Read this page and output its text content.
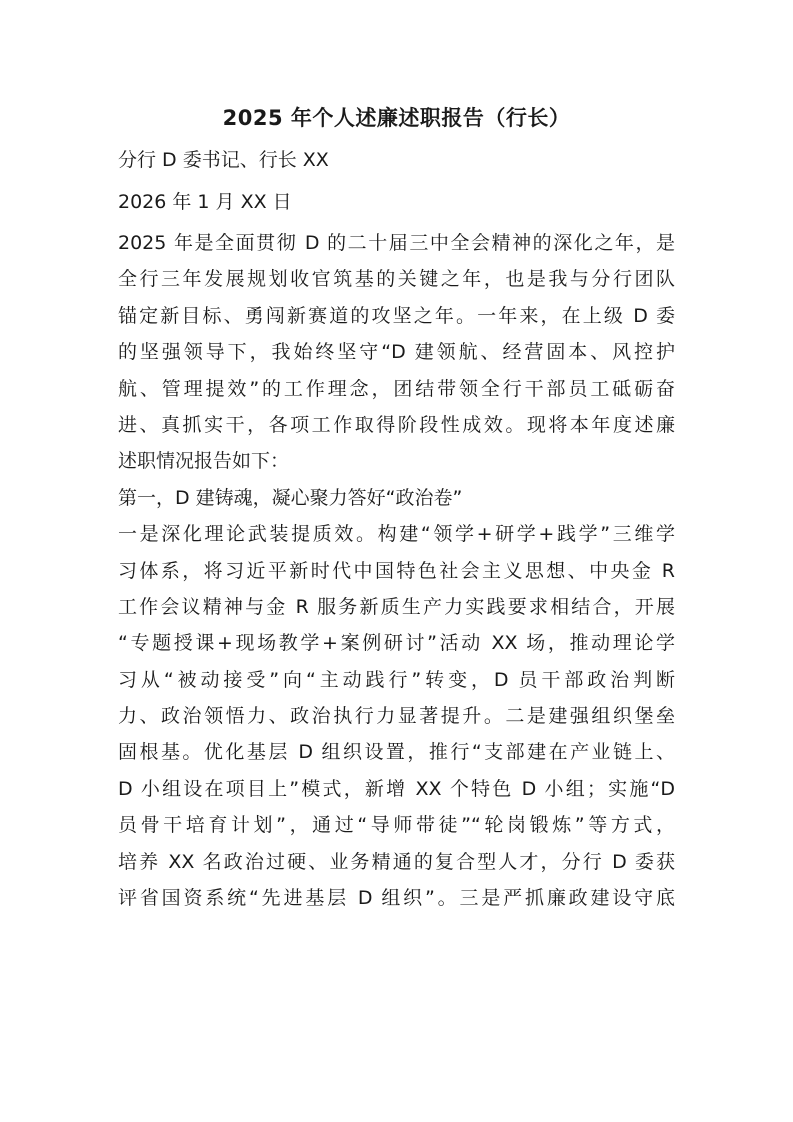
2025 年个人述廉述职报告（行长）
分行 D 委书记、行长 XX
2026 年 1 月 XX 日
2025 年是全面贯彻 D 的二十届三中全会精神的深化之年，是
全行三年发展规划收官筑基的关键之年，也是我与分行团队
锚定新目标、勇闯新赛道的攻坚之年。一年来，在上级 D 委
的坚强领导下，我始终坚守“D 建领航、经营固本、风控护
航、管理提效”的工作理念，团结带领全行干部员工砥砺奋
进、真抓实干，各项工作取得阶段性成效。现将本年度述廉
述职情况报告如下：
第一，D 建铸魂，凝心聚力答好“政治卷”
一是深化理论武装提质效。构建“领学+研学+践学”三维学
习体系，将习近平新时代中国特色社会主义思想、中央金 R
工作会议精神与金 R 服务新质生产力实践要求相结合，开展
“专题授课+现场教学+案例研讨”活动 XX 场，推动理论学
习从“被动接受”向“主动践行”转变，D 员干部政治判断
力、政治领悟力、政治执行力显著提升。二是建强组织堡垒
固根基。优化基层 D 组织设置，推行“支部建在产业链上、
D 小组设在项目上”模式，新增 XX 个特色 D 小组；实施“D
员骨干培育计划”，通过“导师带徒”“轮岗锻炼”等方式，
培养 XX 名政治过硬、业务精通的复合型人才，分行 D 委获
评省国资系统“先进基层 D 组织”。三是严抓廉政建设守底
